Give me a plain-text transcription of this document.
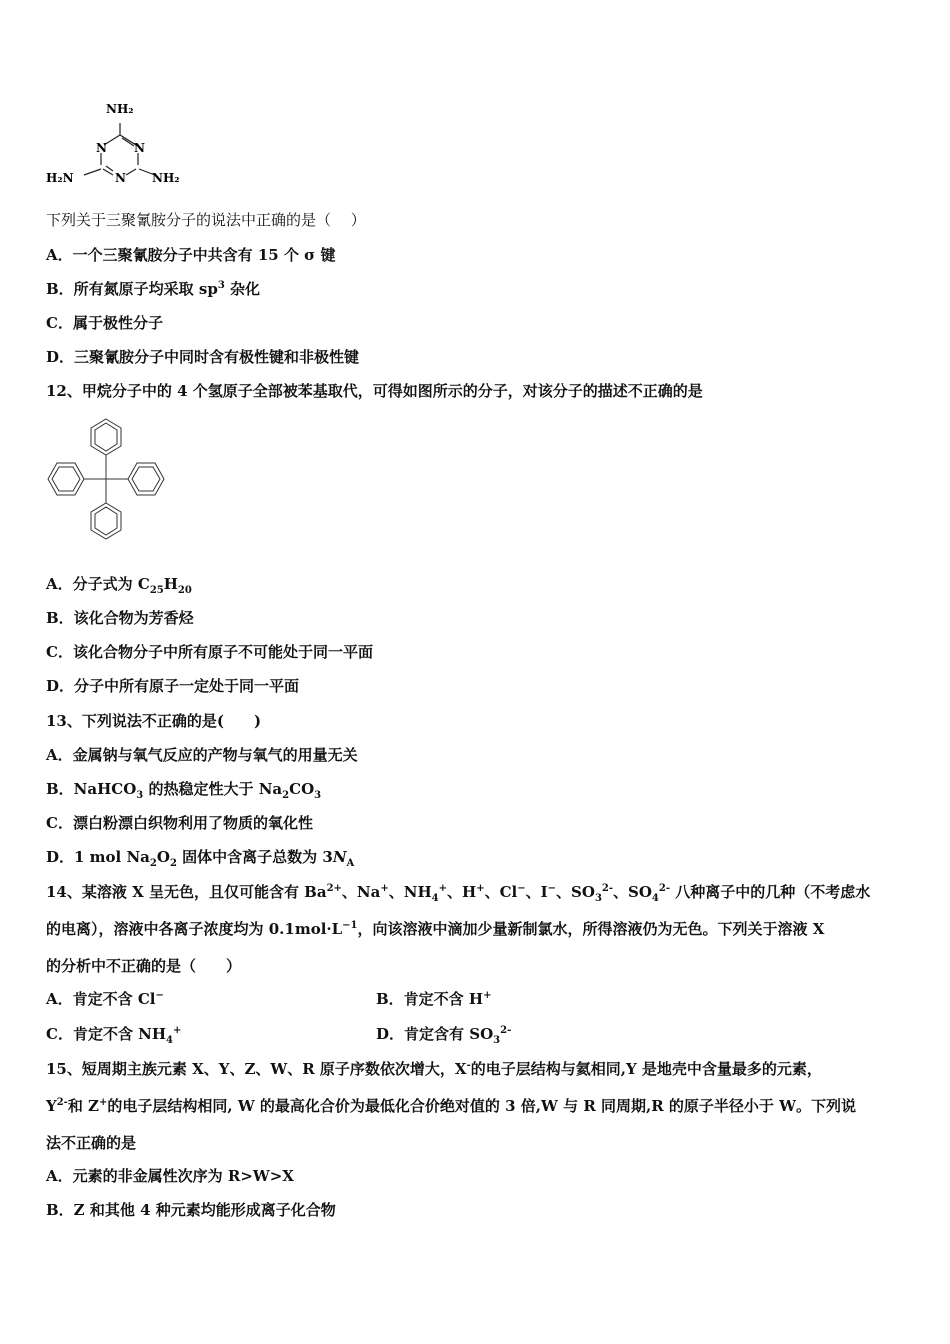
NH₂
N N
N
H₂N	NH₂
下列关于三聚氰胺分子的说法中正确的是（　 ）
A．一个三聚氰胺分子中共含有 15 个 σ 键
B．所有氮原子均采取 $sp^3$ 杂化
C．属于极性分子
D．三聚氰胺分子中同时含有极性键和非极性键
12、甲烷分子中的 4 个氢原子全部被苯基取代，可得如图所示的分子，对该分子的描述不正确的是
A．分子式为 $C_{25}H_{20}$
B．该化合物为芳香烃
C．该化合物分子中所有原子不可能处于同一平面
D．分子中所有原子一定处于同一平面
13、下列说法不正确的是(　　)
A．金属钠与氧气反应的产物与氧气的用量无关
B．NaHCO$_3$ 的热稳定性大于 $Na_2CO_3$
C．漂白粉漂白织物利用了物质的氧化性
D．1 mol $Na_2O_2$ 固体中含离子总数为 $3N_A$
14、某溶液 X 呈无色，且仅可能含有 $Ba^{2+}$、Na+、$NH_4^+$、H+、Cl−、I−、$SO_3^{2-}$、$SO_4^{2-}$ 八种离子中的几种（不考虑水
的电离），溶液中各离子浓度均为 $0.1mol\cdot L^{-1}$，向该溶液中滴加少量新制氯水，所得溶液仍为无色。下列关于溶液 X
的分析中不正确的是（　　）
A．肯定不含 Cl−	B．肯定不含 H+
C．肯定不含 $NH_4^+$	D．肯定含有 $SO_3^{2-}$
15、短周期主族元素 X、Y、Z、W、R 原子序数依次增大，X-的电子层结构与氦相同,Y 是地壳中含量最多的元素，
$Y^{2-}$和 Z+的电子层结构相同, W 的最高化合价为最低化合价绝对值的 3 倍,W 与 R 同周期,R 的原子半径小于 W。下列说
法不正确的是
A．元素的非金属性次序为 R>W>X
B．Z 和其他 4 种元素均能形成离子化合物
